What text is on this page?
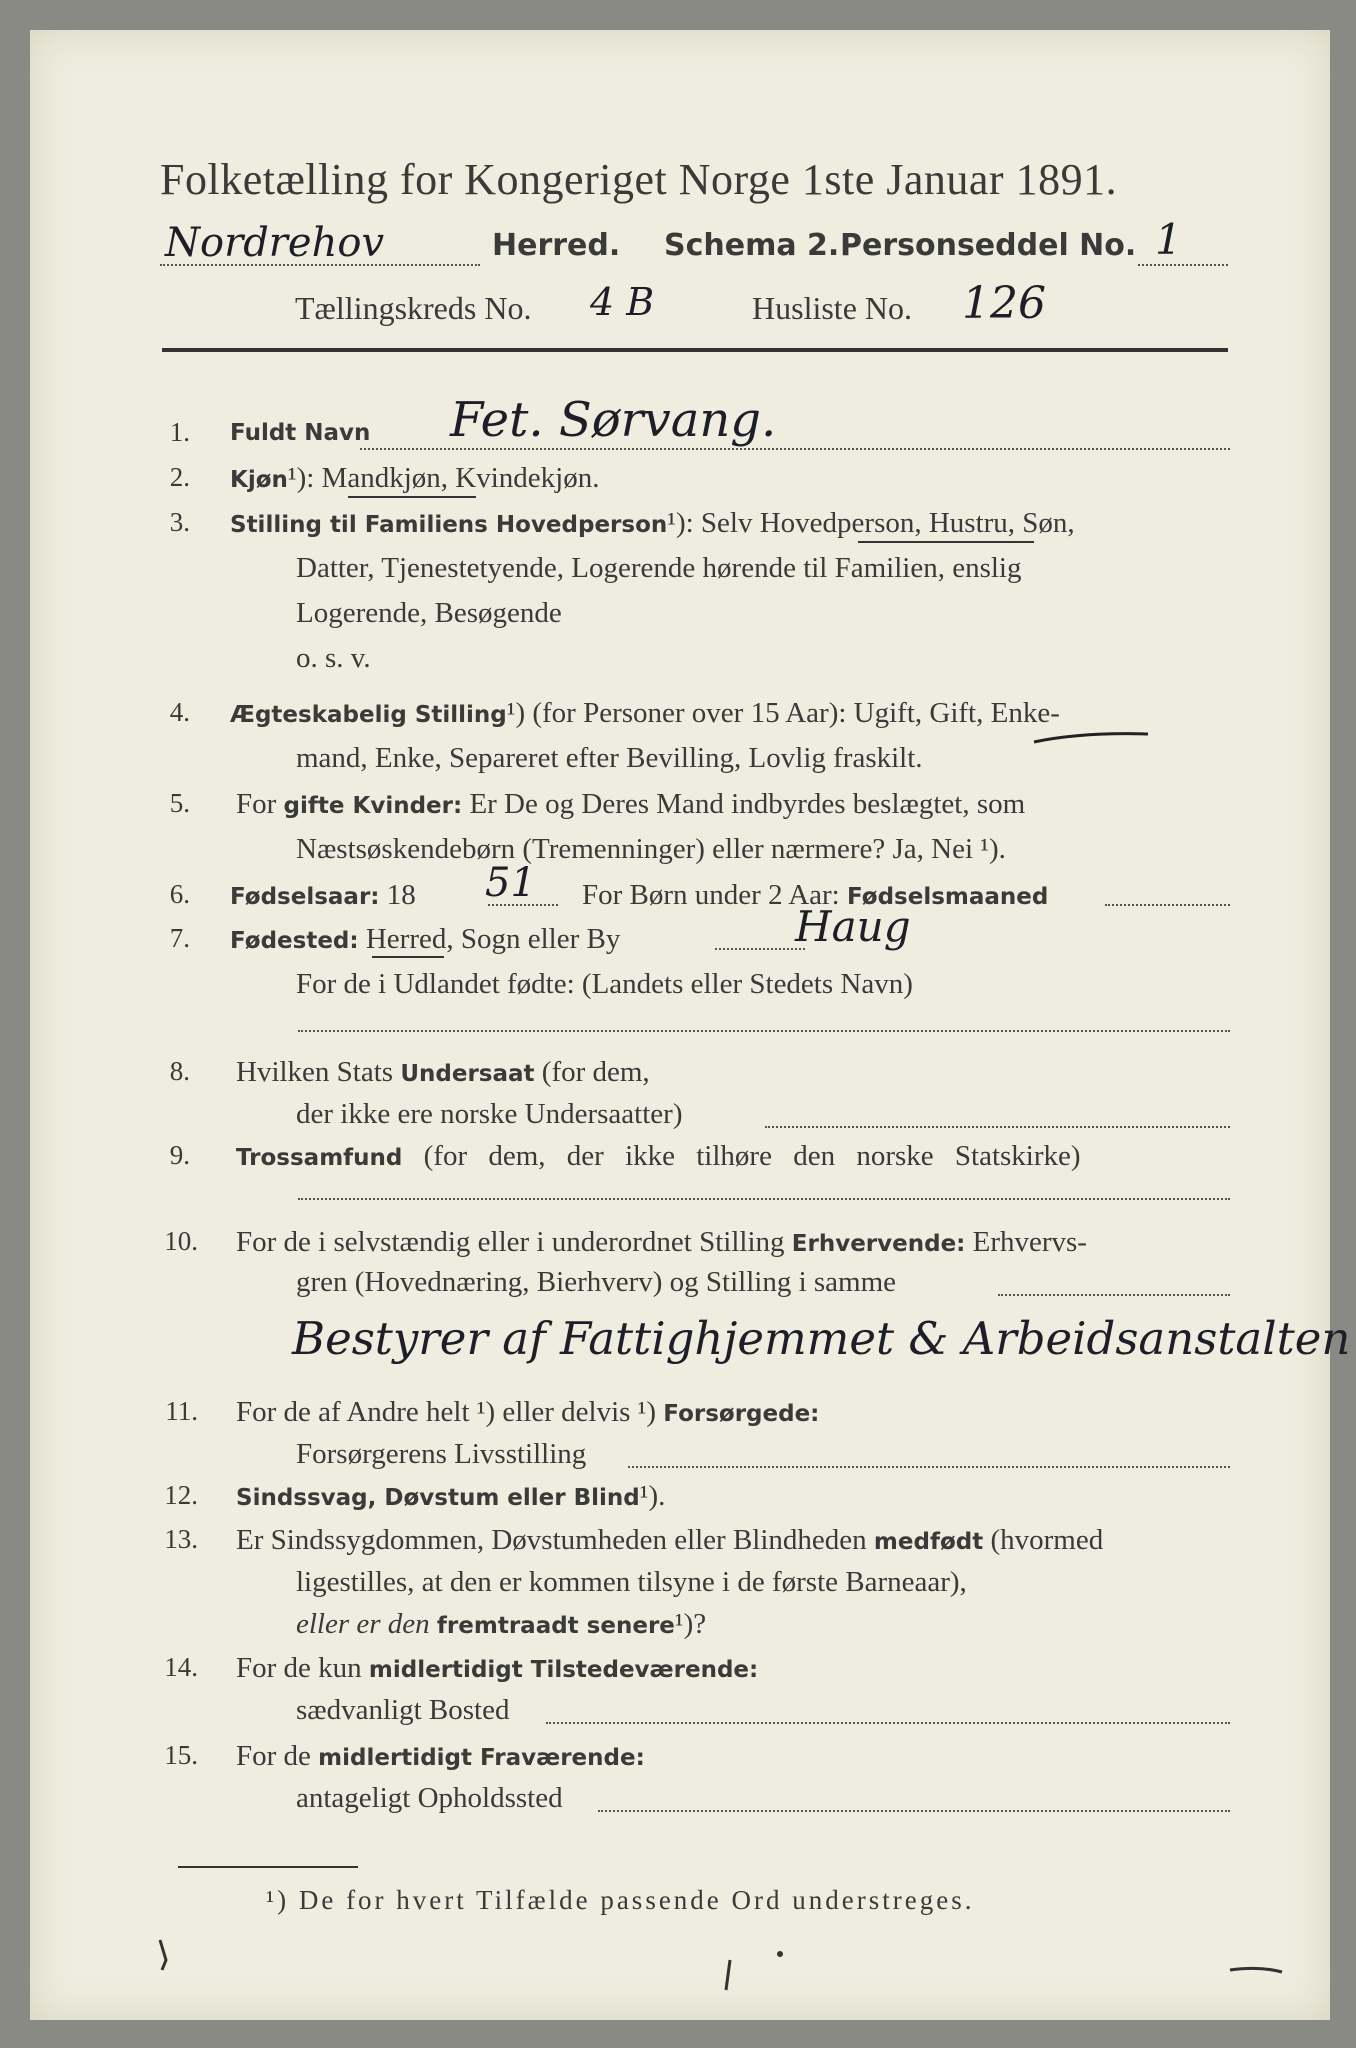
Folketælling for Kongeriget Norge 1ste Januar 1891.
Nordrehov	Herred. Schema 2. Personseddel No. 1
Tællingskreds No. 4 B	Husliste No. 126
1. Fuldt Navn Fet. Sørvang.
2. Kjøn¹): Mandkjøn, Kvindekjøn.
3. Stilling til Familiens Hovedperson¹): Selv Hovedperson, Hustru, Søn,
Datter, Tjenestetyende, Logerende hørende til Familien, enslig
Logerende, Besøgende
o. s. v.
4. Ægteskabelig Stilling¹) (for Personer over 15 Aar): Ugift, Gift, Enke-
mand, Enke, Separeret efter Bevilling, Lovlig fraskilt.
5. For gifte Kvinder: Er De og Deres Mand indbyrdes beslægtet, som
Næstsøskendebørn (Tremenninger) eller nærmere? Ja, Nei ¹).
6. Fødselsaar: 18 51 For Børn under 2 Aar: Fødselsmaaned
7. Fødested: Herred, Sogn eller By	Haug
For de i Udlandet fødte: (Landets eller Stedets Navn)
8. Hvilken Stats Undersaat (for dem,
der ikke ere norske Undersaatter)
9. Trossamfund (for dem, der ikke tilhøre den norske Statskirke)
10. For de i selvstændig eller i underordnet Stilling Erhvervende: Erhvervs-
gren (Hovednæring, Bierhverv) og Stilling i samme
Bestyrer af Fattighjemmet & Arbeidsanstalten
11. For de af Andre helt ¹) eller delvis ¹) Forsørgede:
Forsørgerens Livsstilling
12. Sindssvag, Døvstum eller Blind¹).
13. Er Sindssygdommen, Døvstumheden eller Blindheden medfødt (hvormed
ligestilles, at den er kommen tilsyne i de første Barneaar),
eller er den fremtraadt senere¹)?
14. For de kun midlertidigt Tilstedeværende:
sædvanligt Bosted
15. For de midlertidigt Fraværende:
antageligt Opholdssted
¹) De for hvert Tilfælde passende Ord understreges.
